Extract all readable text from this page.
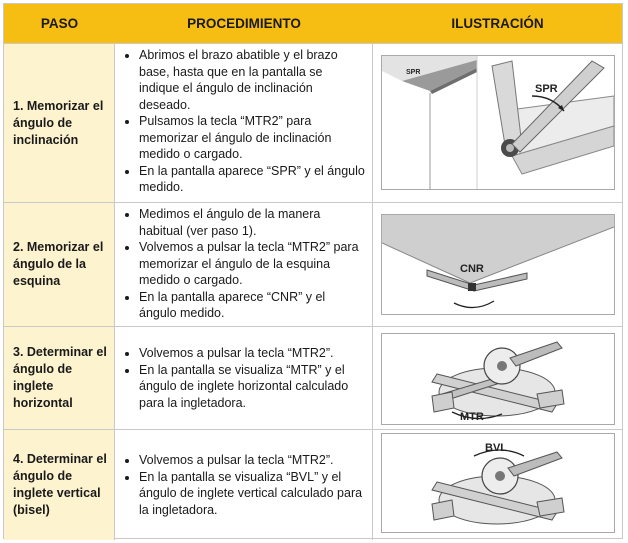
PASO	PROCEDIMIENTO	ILUSTRACIÓN
1. Memorizar el ángulo de inclinación
• Abrimos el brazo abatible y el brazo base, hasta que en la pantalla se indique el ángulo de inclinación deseado.
• Pulsamos la tecla “MTR2” para memorizar el ángulo de inclinación medido o cargado.
• En la pantalla aparece “SPR” y el ángulo medido.
SPR
SPR
2. Memorizar el ángulo de la esquina
• Medimos el ángulo de la manera habitual (ver paso 1).
• Volvemos a pulsar la tecla “MTR2” para memorizar el ángulo de la esquina medido o cargado.
• En la pantalla aparece “CNR” y el ángulo medido.
CNR
3. Determinar el ángulo de inglete horizontal
• Volvemos a pulsar la tecla “MTR2”.
• En la pantalla se visualiza “MTR” y el ángulo de inglete horizontal calculado para la ingletadora.
MTR
4. Determinar el ángulo de inglete vertical (bisel)
• Volvemos a pulsar la tecla “MTR2”.
• En la pantalla se visualiza “BVL” y el ángulo de inglete vertical calculado para la ingletadora.
BVL
